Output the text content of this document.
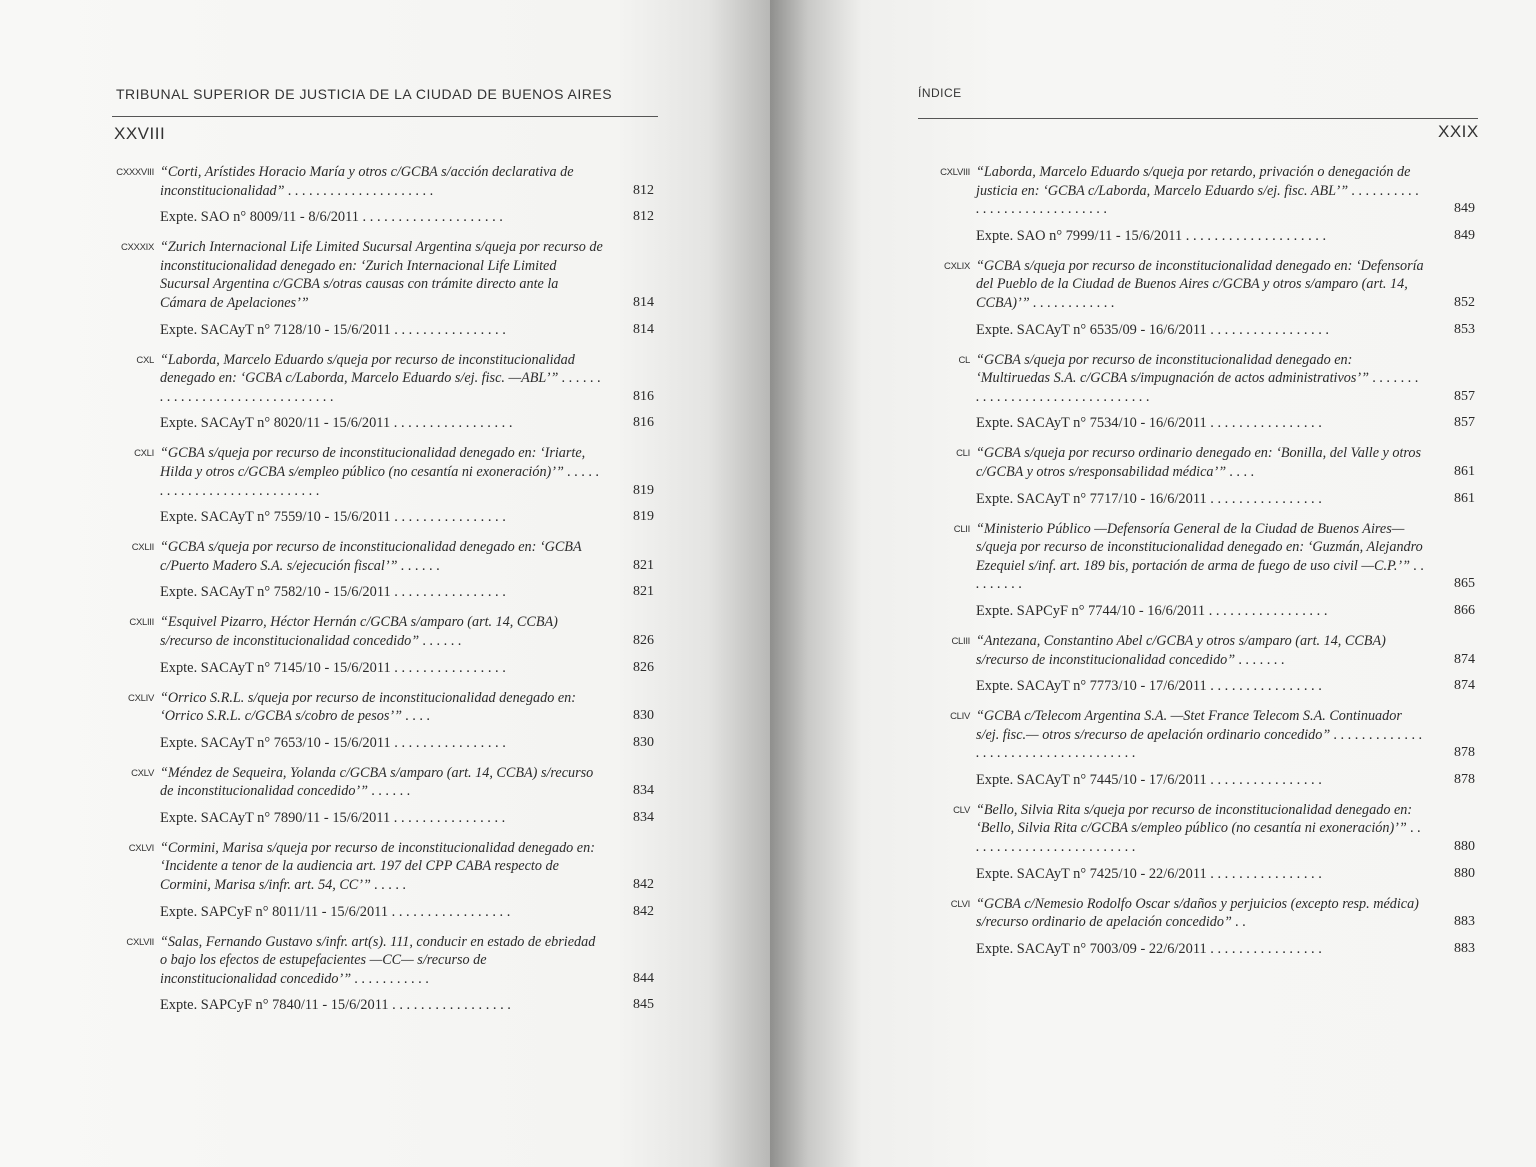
TRIBUNAL SUPERIOR DE JUSTICIA DE LA CIUDAD DE BUENOS AIRES
XXVIII
CXXXVIII “Corti, Arístides Horacio María y otros c/GCBA s/acción declarativa de inconstitucionalidad” . . . . . . . . . . . . . . . . . . . . .	812

Expte. SAO n° 8009/11 - 8/6/2011 . . . . . . . . . . . . . . . . . . . .	812
CXXXIX “Zurich Internacional Life Limited Sucursal Argentina s/queja por recurso de inconstitucionalidad denegado en: ‘Zurich Internacional Life Limited Sucursal Argentina c/GCBA s/otras causas con trámite directo ante la Cámara de Apelaciones’”	814

Expte. SACAyT n° 7128/10 - 15/6/2011 . . . . . . . . . . . . . . . .	814
CXL “Laborda, Marcelo Eduardo s/queja por recurso de inconstitucionalidad denegado en: ‘GCBA c/Laborda, Marcelo Eduardo s/ej. fisc. —ABL’” . . . . . . . . . . . . . . . . . . . . . . . . . . . . . . .	816

Expte. SACAyT n° 8020/11 - 15/6/2011 . . . . . . . . . . . . . . . . .	816
CXLI “GCBA s/queja por recurso de inconstitucionalidad denegado en: ‘Iriarte, Hilda y otros c/GCBA s/empleo público (no cesantía ni exoneración)’” . . . . . . . . . . . . . . . . . . . . . . . . . . . .	819

Expte. SACAyT n° 7559/10 - 15/6/2011 . . . . . . . . . . . . . . . .	819
CXLII “GCBA s/queja por recurso de inconstitucionalidad denegado en: ‘GCBA c/Puerto Madero S.A. s/ejecución fiscal’” . . . . . .	821

Expte. SACAyT n° 7582/10 - 15/6/2011 . . . . . . . . . . . . . . . .	821
CXLIII “Esquivel Pizarro, Héctor Hernán c/GCBA s/amparo (art. 14, CCBA) s/recurso de inconstitucionalidad concedido” . . . . . .	826

Expte. SACAyT n° 7145/10 - 15/6/2011 . . . . . . . . . . . . . . . .	826
CXLIV “Orrico S.R.L. s/queja por recurso de inconstitucionalidad denegado en: ‘Orrico S.R.L. c/GCBA s/cobro de pesos’” . . . .	830

Expte. SACAyT n° 7653/10 - 15/6/2011 . . . . . . . . . . . . . . . .	830
CXLV “Méndez de Sequeira, Yolanda c/GCBA s/amparo (art. 14, CCBA) s/recurso de inconstitucionalidad concedido’” . . . . . .	834

Expte. SACAyT n° 7890/11 - 15/6/2011 . . . . . . . . . . . . . . . .	834
CXLVI “Cormini, Marisa s/queja por recurso de inconstitucionalidad denegado en: ‘Incidente a tenor de la audiencia art. 197 del CPP CABA respecto de Cormini, Marisa s/infr. art. 54, CC’” . . . . .	842

Expte. SAPCyF n° 8011/11 - 15/6/2011 . . . . . . . . . . . . . . . . .	842
CXLVII “Salas, Fernando Gustavo s/infr. art(s). 111, conducir en estado de ebriedad o bajo los efectos de estupefacientes —CC— s/recurso de inconstitucionalidad concedido’” . . . . . . . . . . .	844

Expte. SAPCyF n° 7840/11 - 15/6/2011 . . . . . . . . . . . . . . . . .	845
ÍNDICE
XXIX
CXLVIII “Laborda, Marcelo Eduardo s/queja por retardo, privación o denegación de justicia en: ‘GCBA c/Laborda, Marcelo Eduardo s/ej. fisc. ABL’” . . . . . . . . . . . . . . . . . . . . . . . . . . . . .	849

Expte. SAO n° 7999/11 - 15/6/2011 . . . . . . . . . . . . . . . . . . . .	849
CXLIX “GCBA s/queja por recurso de inconstitucionalidad denegado en: ‘Defensoría del Pueblo de la Ciudad de Buenos Aires c/GCBA y otros s/amparo (art. 14, CCBA)’” . . . . . . . . . . . .	852

Expte. SACAyT n° 6535/09 - 16/6/2011 . . . . . . . . . . . . . . . . .	853
CL “GCBA s/queja por recurso de inconstitucionalidad denegado en: ‘Multiruedas S.A. c/GCBA s/impugnación de actos administrativos’” . . . . . . . . . . . . . . . . . . . . . . . . . . . . . . . .	857

Expte. SACAyT n° 7534/10 - 16/6/2011 . . . . . . . . . . . . . . . .	857
CLI “GCBA s/queja por recurso ordinario denegado en: ‘Bonilla, del Valle y otros c/GCBA y otros s/responsabilidad médica’” . . . .	861

Expte. SACAyT n° 7717/10 - 16/6/2011 . . . . . . . . . . . . . . . .	861
CLII “Ministerio Público —Defensoría General de la Ciudad de Buenos Aires— s/queja por recurso de inconstitucionalidad denegado en: ‘Guzmán, Alejandro Ezequiel s/inf. art. 189 bis, portación de arma de fuego de uso civil —C.P.’” . . . . . . . . .	865

Expte. SAPCyF n° 7744/10 - 16/6/2011 . . . . . . . . . . . . . . . . .	866
CLIII “Antezana, Constantino Abel c/GCBA y otros s/amparo (art. 14, CCBA) s/recurso de inconstitucionalidad concedido” . . . . . . .	874

Expte. SACAyT n° 7773/10 - 17/6/2011 . . . . . . . . . . . . . . . .	874
CLIV “GCBA c/Telecom Argentina S.A. —Stet France Telecom S.A. Continuador s/ej. fisc.— otros s/recurso de apelación ordinario concedido” . . . . . . . . . . . . . . . . . . . . . . . . . . . . . . . . . . . .	878

Expte. SACAyT n° 7445/10 - 17/6/2011 . . . . . . . . . . . . . . . .	878
CLV “Bello, Silvia Rita s/queja por recurso de inconstitucionalidad denegado en: ‘Bello, Silvia Rita c/GCBA s/empleo público (no cesantía ni exoneración)’” . . . . . . . . . . . . . . . . . . . . . . . . .	880

Expte. SACAyT n° 7425/10 - 22/6/2011 . . . . . . . . . . . . . . . .	880
CLVI “GCBA c/Nemesio Rodolfo Oscar s/daños y perjuicios (excepto resp. médica) s/recurso ordinario de apelación concedido” . .	883

Expte. SACAyT n° 7003/09 - 22/6/2011 . . . . . . . . . . . . . . . .	883
